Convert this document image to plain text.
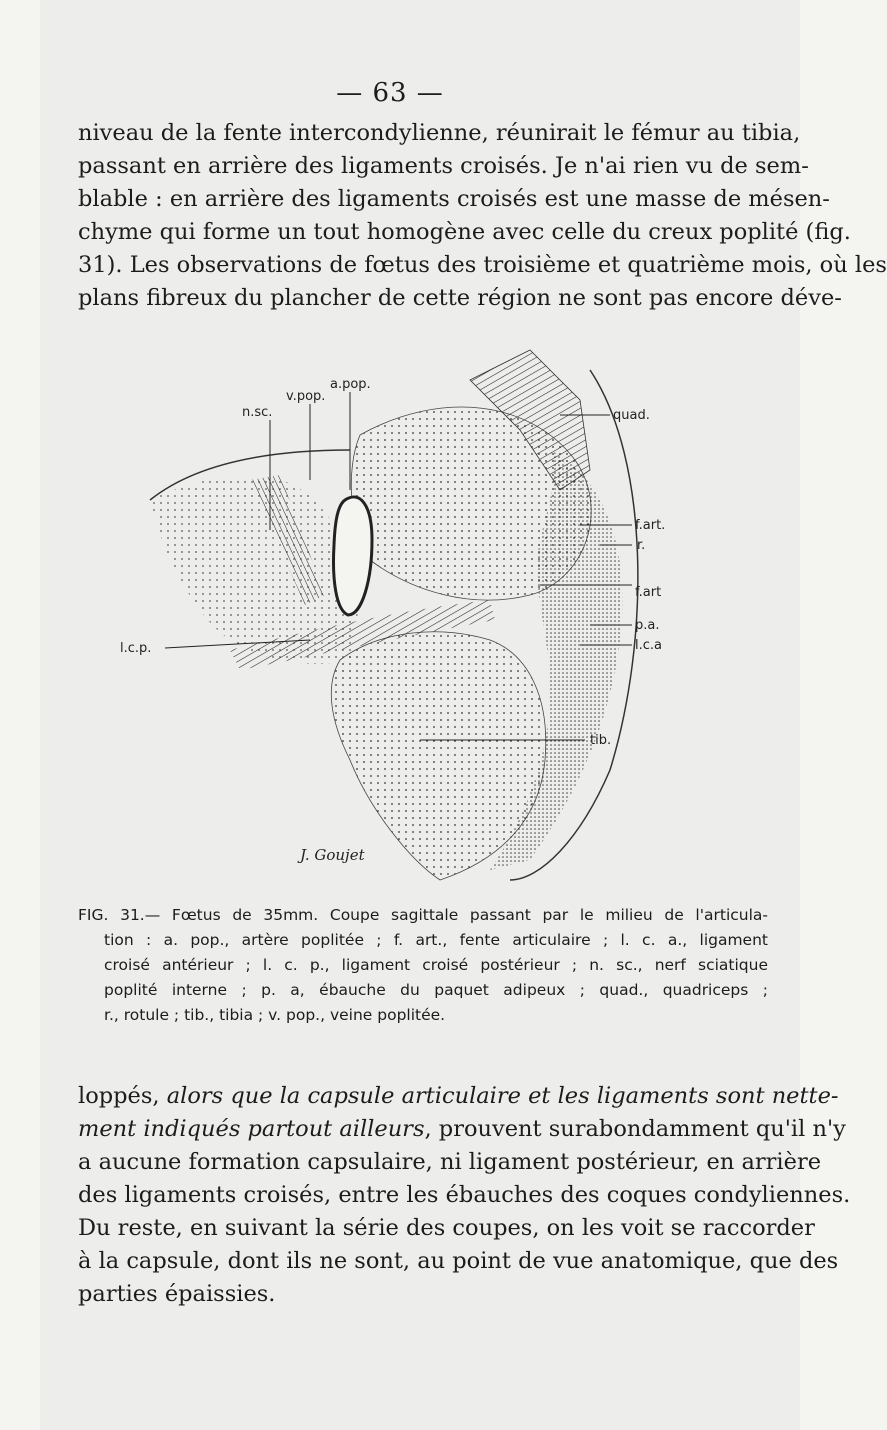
— 63 —
niveau de la fente intercondylienne, réunirait le fémur au tibia,
passant en arrière des ligaments croisés. Je n'ai rien vu de sem-
blable : en arrière des ligaments croisés est une masse de mésen-
chyme qui forme un tout homogène avec celle du creux poplité (fig.
31). Les observations de fœtus des troisième et quatrième mois, où les
plans fibreux du plancher de cette région ne sont pas encore déve-
n.sc.
v.pop.
a.pop.
quad.
f.art.
r.
f.art
p.a.
l.c.a
l.c.p.
tib.
J. Goujet
FIG. 31.— Fœtus de 35mm. Coupe sagittale passant par le milieu de l'articula-
tion : a. pop., artère poplitée ; f. art., fente articulaire ; l. c. a., ligament
croisé antérieur ; l. c. p., ligament croisé postérieur ; n. sc., nerf sciatique
poplité interne ; p. a, ébauche du paquet adipeux ; quad., quadriceps ;
r., rotule ; tib., tibia ; v. pop., veine poplitée.
loppés, alors que la capsule articulaire et les ligaments sont nette-
ment indiqués partout ailleurs, prouvent surabondamment qu'il n'y
a aucune formation capsulaire, ni ligament postérieur, en arrière
des ligaments croisés, entre les ébauches des coques condyliennes.
Du reste, en suivant la série des coupes, on les voit se raccorder
à la capsule, dont ils ne sont, au point de vue anatomique, que des
parties épaissies.
